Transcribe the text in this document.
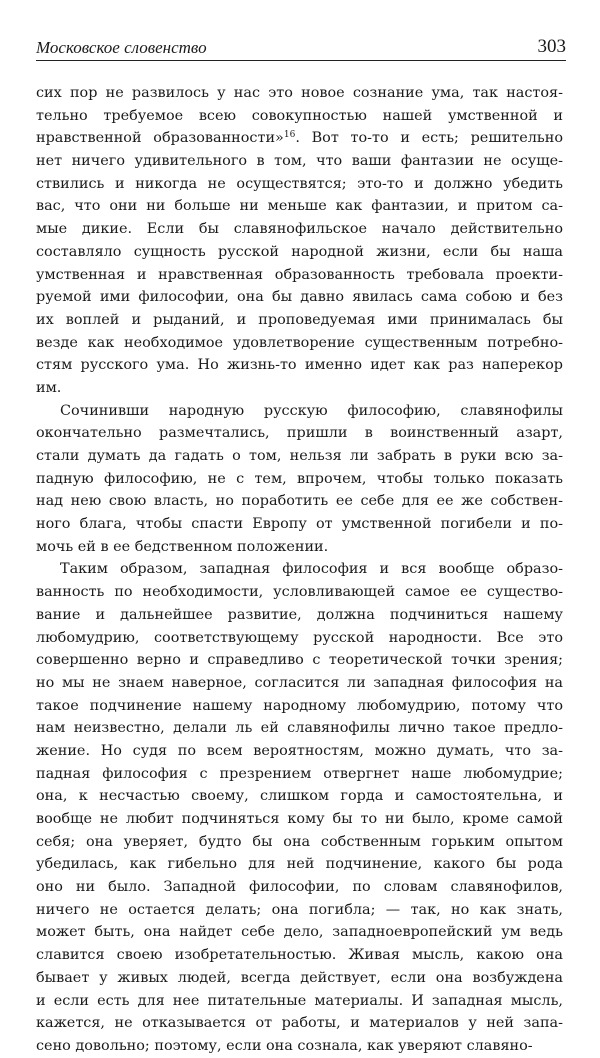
Московское словенство	303
сих пор не развилось у нас это новое сознание ума, так настоя-
тельно требуемое всею совокупностью нашей умственной и
нравственной образованности»$^{16}$. Вот то-то и есть; решительно
нет ничего удивительного в том, что ваши фантазии не осуще-
ствились и никогда не осуществятся; это-то и должно убедить
вас, что они ни больше ни меньше как фантазии, и притом са-
мые дикие. Если бы славянофильское начало действительно
составляло сущность русской народной жизни, если бы наша
умственная и нравственная образованность требовала проекти-
руемой ими философии, она бы давно явилась сама собою и без
их воплей и рыданий, и проповедуемая ими принималась бы
везде как необходимое удовлетворение существенным потребно-
стям русского ума. Но жизнь-то именно идет как раз наперекор
им.
Сочинивши народную русскую философию, славянофилы
окончательно размечтались, пришли в воинственный азарт,
стали думать да гадать о том, нельзя ли забрать в руки всю за-
падную философию, не с тем, впрочем, чтобы только показать
над нею свою власть, но поработить ее себе для ее же собствен-
ного блага, чтобы спасти Европу от умственной погибели и по-
мочь ей в ее бедственном положении.
Таким образом, западная философия и вся вообще образо-
ванность по необходимости, условливающей самое ее существо-
вание и дальнейшее развитие, должна подчиниться нашему
любомудрию, соответствующему русской народности. Все это
совершенно верно и справедливо с теоретической точки зрения;
но мы не знаем наверное, согласится ли западная философия на
такое подчинение нашему народному любомудрию, потому что
нам неизвестно, делали ль ей славянофилы лично такое предло-
жение. Но судя по всем вероятностям, можно думать, что за-
падная философия с презрением отвергнет наше любомудрие;
она, к несчастью своему, слишком горда и самостоятельна, и
вообще не любит подчиняться кому бы то ни было, кроме самой
себя; она уверяет, будто бы она собственным горьким опытом
убедилась, как гибельно для ней подчинение, какого бы рода
оно ни было. Западной философии, по словам славянофилов,
ничего не остается делать; она погибла; — так, но как знать,
может быть, она найдет себе дело, западноевропейский ум ведь
славится своею изобретательностью. Живая мысль, какою она
бывает у живых людей, всегда действует, если она возбуждена
и если есть для нее питательные материалы. И западная мысль,
кажется, не отказывается от работы, и материалов у ней запа-
сено довольно; поэтому, если она сознала, как уверяют славяно-
